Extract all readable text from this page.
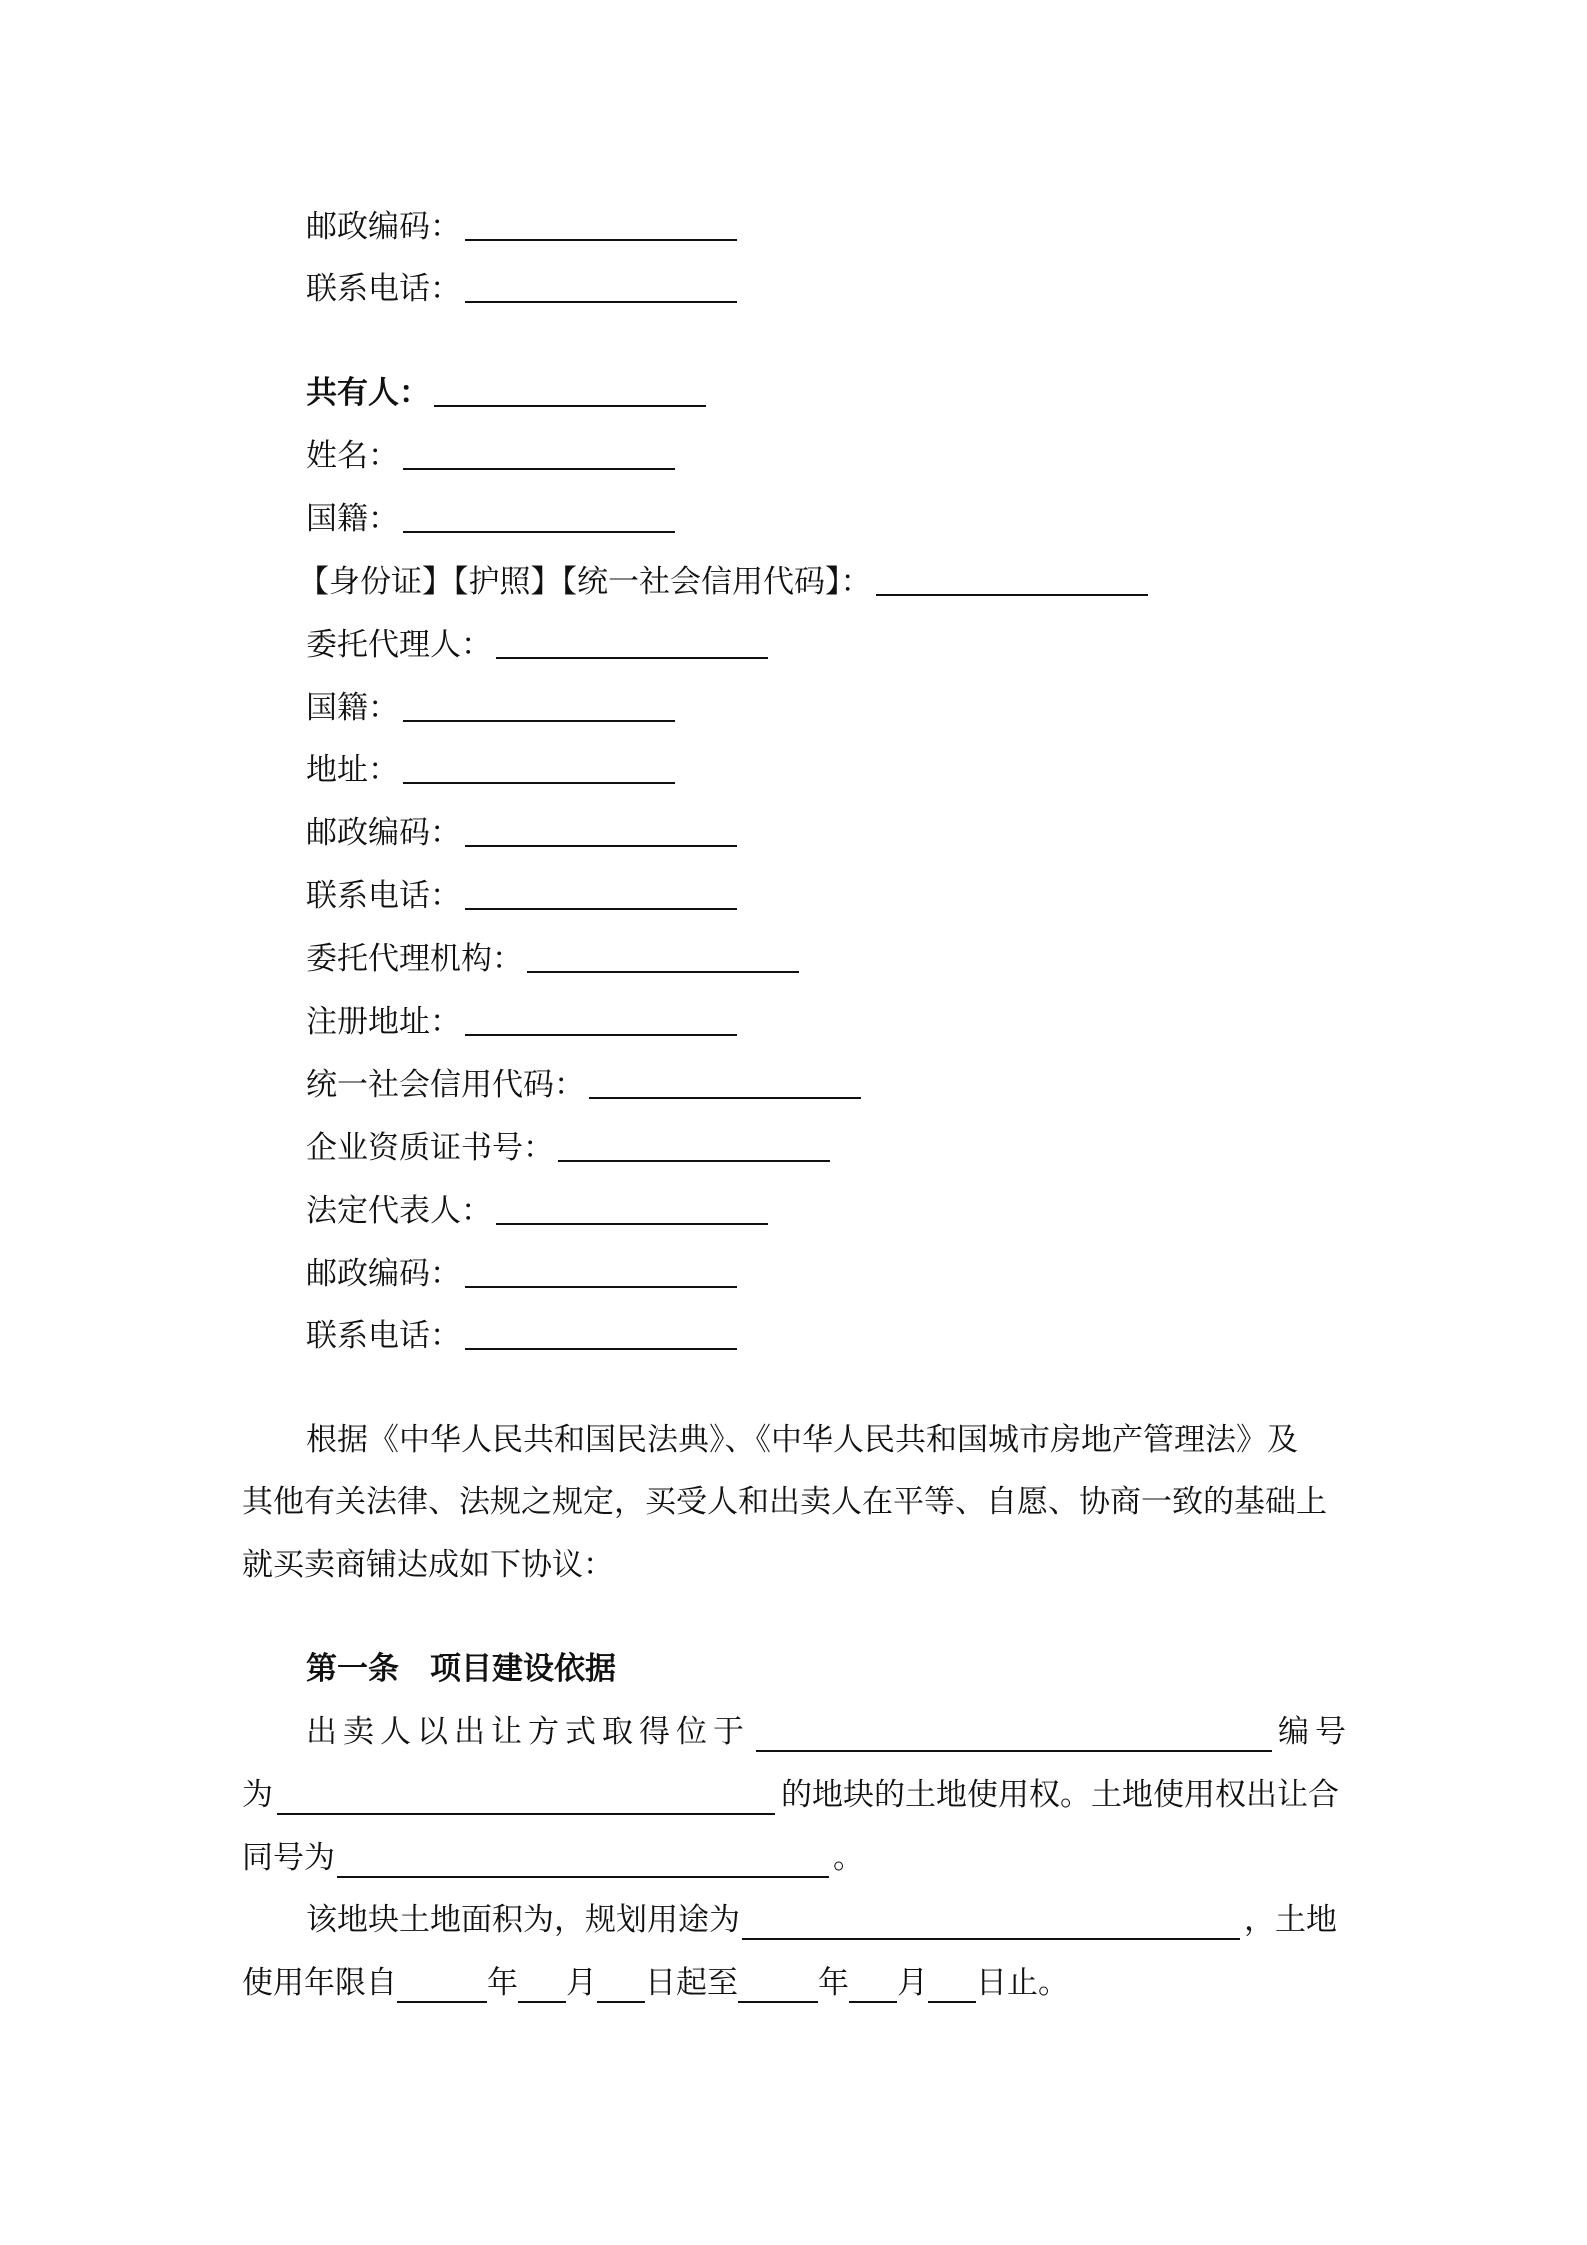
邮政编码：
联系电话：
共有人：
姓名：
国籍：
【身份证】【护照】【统一社会信用代码】：
委托代理人：
国籍：
地址：
邮政编码：
联系电话：
委托代理机构：
注册地址：
统一社会信用代码：
企业资质证书号：
法定代表人：
邮政编码：
联系电话：
根据《中华人民共和国民法典》、《中华人民共和国城市房地产管理法》及
其他有关法律、法规之规定，买受人和出卖人在平等、自愿、协商一致的基础上
就买卖商铺达成如下协议：
第一条　项目建设依据
出卖人以出让方式取得位于	编号
为	的地块的土地使用权。土地使用权出让合
同号为	。
该地块土地面积为，规划用途为	，土地
使用年限自	年 月 日起至	年 月 日止。
